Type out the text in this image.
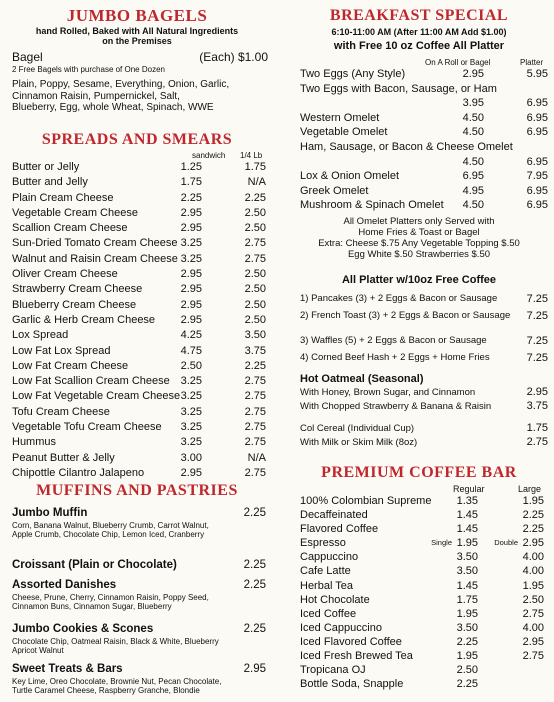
JUMBO BAGELS
hand Rolled, Baked with All Natural Ingredients
on the Premises
Bagel	(Each) $1.00
2 Free Bagels with purchase of One Dozen
Plain, Poppy, Sesame, Everything, Onion, Garlic,
Cinnamon Raisin, Pumpernickel, Salt,
Blueberry, Egg, whole Wheat, Spinach, WWE
SPREADS AND SMEARS
sandwich 1/4 Lb
Butter or Jelly	1.25	1.75
Butter and Jelly	1.75	N/A
Plain Cream Cheese	2.25	2.25
Vegetable Cream Cheese	2.95	2.50
Scallion Cream Cheese	2.95	2.50
Sun-Dried Tomato Cream Cheese 3.25	2.75
Walnut and Raisin Cream Cheese 3.25	2.75
Oliver Cream Cheese	2.95	2.50
Strawberry Cream Cheese	2.95	2.50
Blueberry Cream Cheese	2.95	2.50
Garlic & Herb Cream Cheese 2.95	2.50
Lox Spread	4.25	3.50
Low Fat Lox Spread	4.75	3.75
Low Fat Cream Cheese	2.50	2.25
Low Fat Scallion Cream Cheese 3.25	2.75
Low Fat Vegetable Cream Cheese 3.25	2.75
Tofu Cream Cheese	3.25	2.75
Vegetable Tofu Cream Cheese 3.25	2.75
Hummus	3.25	2.75
Peanut Butter & Jelly	3.00	N/A
Chipottle Cilantro Jalapeno	2.95	2.75
MUFFINS AND PASTRIES
Jumbo Muffin	2.25
Corn, Banana Walnut, Blueberry Crumb, Carrot Walnut,
Apple Crumb, Chocolate Chip, Lemon Iced, Cranberry
Croissant (Plain or Chocolate)	2.25
Assorted Danishes	2.25
Cheese, Prune, Cherry, Cinnamon Raisin, Poppy Seed,
Cinnamon Buns, Cinnamon Sugar, Blueberry
Jumbo Cookies & Scones	2.25
Chocolate Chip, Oatmeal Raisin, Black & White, Blueberry
Apricot Walnut
Sweet Treats & Bars	2.95
Key Lime, Oreo Chocolate, Brownie Nut, Pecan Chocolate,
Turtle Caramel Cheese, Raspberry Granche, Blondie
BREAKFAST SPECIAL
6:10-11:00 AM (After 11:00 AM Add $1.00)
with Free 10 oz Coffee All Platter
On A Roll or Bagel	Platter
Two Eggs (Any Style)	2.95	5.95
Two Eggs with Bacon, Sausage, or Ham
3.95	6.95
Western Omelet	4.50	6.95
Vegetable Omelet	4.50	6.95
Ham, Sausage, or Bacon & Cheese Omelet
4.50	6.95
Lox & Onion Omelet	6.95	7.95
Greek Omelet	4.95	6.95
Mushroom & Spinach Omelet 4.50	6.95
All Omelet Platters only Served with
Home Fries & Toast or Bagel
Extra: Cheese $.75 Any Vegetable Topping $.50
Egg White $.50 Strawberries $.50
All Platter w/10oz Free Coffee
1) Pancakes (3) + 2 Eggs & Bacon or Sausage	7.25
2) French Toast (3) + 2 Eggs & Bacon or Sausage 7.25
3) Waffles (5) + 2 Eggs & Bacon or Sausage	7.25
4) Corned Beef Hash + 2 Eggs + Home Fries	7.25
Hot Oatmeal (Seasonal)
With Honey, Brown Sugar, and Cinnamon	2.95
With Chopped Strawberry & Banana & Raisin	3.75
Col Cereal (Individual Cup)	1.75
With Milk or Skim Milk (8oz)	2.75
PREMIUM COFFEE BAR
Regular	Large
100% Colombian Supreme 1.35	1.95
Decaffeinated	1.45	2.25
Flavored Coffee	1.45	2.25
Espresso	Single	Double
1.95	2.95
Cappuccino	3.50	4.00
Cafe Latte	3.50	4.00
Herbal Tea	1.45	1.95
Hot Chocolate	1.75	2.50
Iced Coffee	1.95	2.75
Iced Cappuccino	3.50	4.00
Iced Flavored Coffee	2.25	2.95
Iced Fresh Brewed Tea	1.95	2.75
Tropicana OJ	2.50
Bottle Soda, Snapple	2.25
